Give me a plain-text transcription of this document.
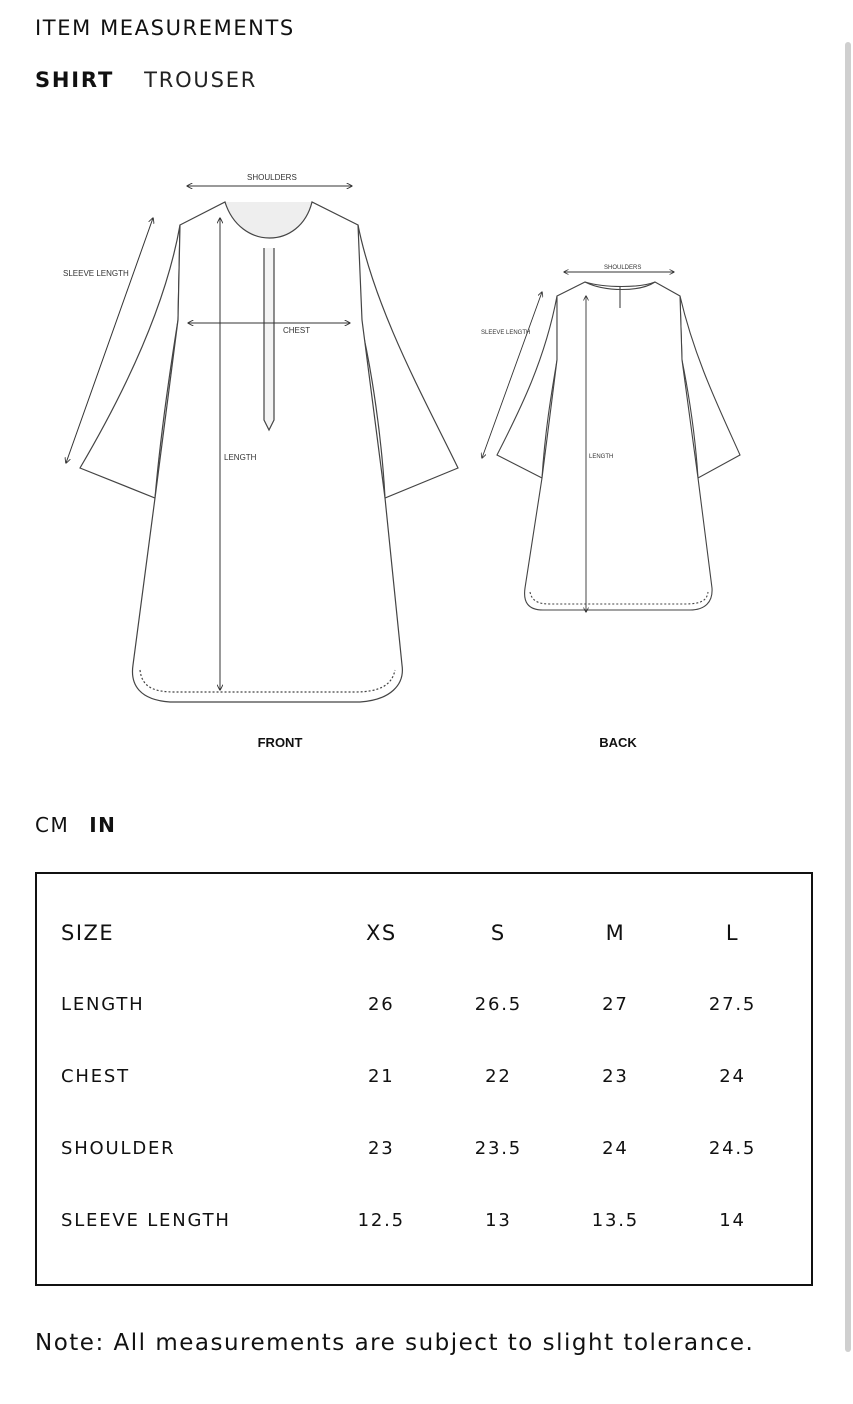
ITEM MEASUREMENTS
SHIRT TROUSER
SHOULDERS
SLEEVE LENGTH
CHEST
LENGTH
FRONT
SHOULDERS
SLEEVE LENGTH
LENGTH
BACK
CM IN
SIZE	XS	S	M	L
LENGTH	26	26.5	27	27.5
CHEST	21	22	23	24
SHOULDER	23	23.5	24	24.5
SLEEVE LENGTH	12.5	13	13.5	14

Note: All measurements are subject to slight tolerance.
